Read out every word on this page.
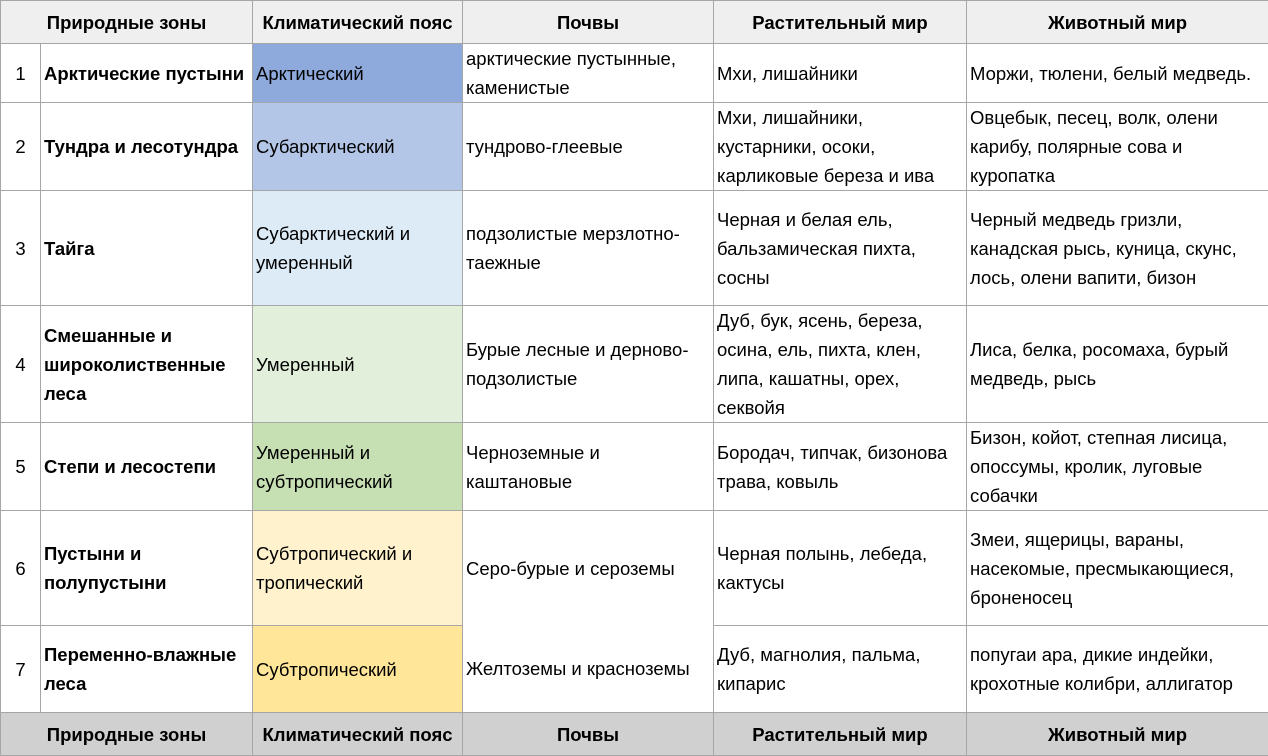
Природные зоны		Климатический пояс	Почвы	Растительный мир	Животный мир
1	Арктические пустыни	Арктический	арктические пустынные, каменистые	Мхи, лишайники	Моржи, тюлени, белый медведь.
2	Тундра и лесотундра	Субарктический	тундрово-глеевые	Мхи, лишайники, кустарники, осоки, карликовые береза и ива	Овцебык, песец, волк, олени карибу, полярные сова и куропатка
3	Тайга	Субарктический и умеренный	подзолистые мерзлотно-таежные	Черная и белая ель, бальзамическая пихта, сосны	Черный медведь гризли, канадская рысь, куница, скунс, лось, олени вапити, бизон
4	Смешанные и широколиственные леса	Умеренный	Бурые лесные и дерново-подзолистые	Дуб, бук, ясень, береза, осина, ель, пихта, клен, липа, кашатны, орех, секвойя	Лиса, белка, росомаха, бурый медведь, рысь
5	Степи и лесостепи	Умеренный и субтропический	Черноземные и каштановые	Бородач, типчак, бизонова трава, ковыль	Бизон, койот, степная лисица, опоссумы, кролик, луговые собачки
6	Пустыни и полупустыни	Субтропический и тропический	Серо-бурые и сероземы	Черная полынь, лебеда, кактусы	Змеи, ящерицы, вараны, насекомые, пресмыкающиеся, броненосец
7	Переменно-влажные леса	Субтропический	Желтоземы и красноземы	Дуб, магнолия, пальма, кипарис	попугаи ара, дикие индейки, крохотные колибри, аллигатор
Природные зоны		Климатический пояс	Почвы	Растительный мир	Животный мир
